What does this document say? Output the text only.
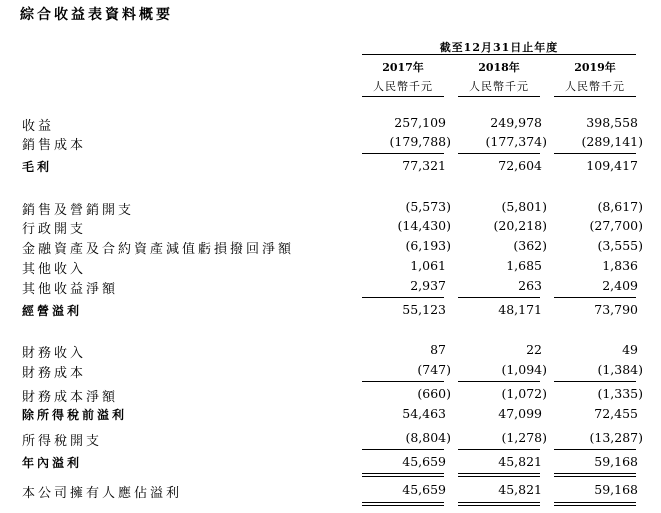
綜合收益表資料概要
截至12月31日止年度
2017年	2018年	2019年
人民幣千元	人民幣千元	人民幣千元
收益	257,109	249,978	398,558
銷售成本	(179,788)	(177,374)	(289,141)
毛利	77,321	72,604	109,417
銷售及營銷開支	(5,573)	(5,801)	(8,617)
行政開支	(14,430)	(20,218)	(27,700)
金融資產及合約資產減值虧損撥回淨額	(6,193)	(362)	(3,555)
其他收入	1,061	1,685	1,836
其他收益淨額	2,937	263	2,409
經營溢利	55,123	48,171	73,790
財務收入	87	22	49
財務成本	(747)	(1,094)	(1,384)
財務成本淨額	(660)	(1,072)	(1,335)
除所得稅前溢利	54,463	47,099	72,455
所得稅開支	(8,804)	(1,278)	(13,287)
年內溢利	45,659	45,821	59,168
本公司擁有人應佔溢利	45,659	45,821	59,168
